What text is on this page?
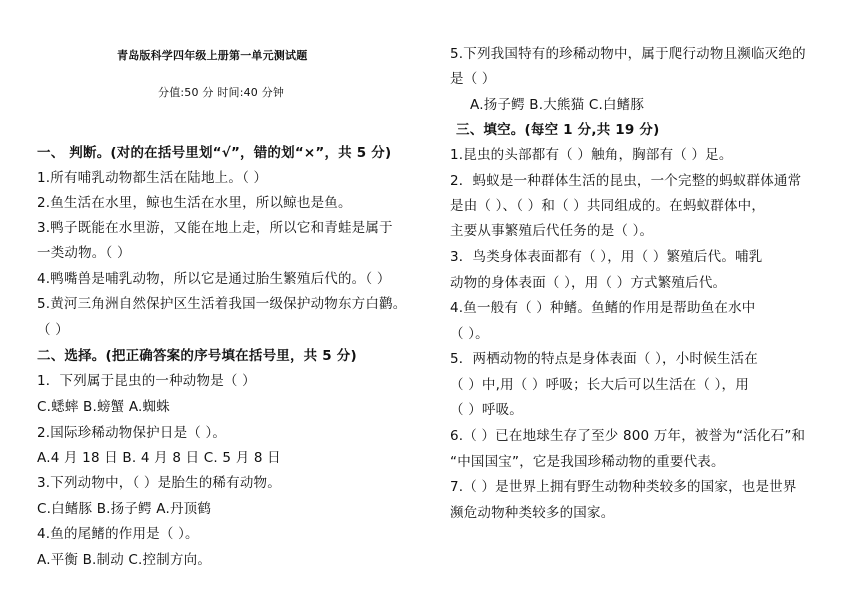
青岛版科学四年级上册第一单元测试题
分值:50 分 时间:40 分钟
一、 判断。(对的在括号里划“√”，错的划“×”，共 5 分)
1.所有哺乳动物都生活在陆地上。（ ）
2.鱼生活在水里，鲸也生活在水里，所以鲸也是鱼。
3.鸭子既能在水里游，又能在地上走，所以它和青蛙是属于
一类动物。（ ）
4.鸭嘴兽是哺乳动物，所以它是通过胎生繁殖后代的。（ ）
5.黄河三角洲自然保护区生活着我国一级保护动物东方白鹳。
（ ）
二、选择。(把正确答案的序号填在括号里，共 5 分)
1．下列属于昆虫的一种动物是（ ）
C.蟋蟀 B.螃蟹 A.蜘蛛
2.国际珍稀动物保护日是（ ）。
A.4 月 18 日 B. 4 月 8 日 C. 5 月 8 日
3.下列动物中，（ ）是胎生的稀有动物。
C.白鳍豚 B.扬子鳄 A.丹顶鹤
4.鱼的尾鳍的作用是（ ）。
A.平衡 B.制动 C.控制方向。
5.下列我国特有的珍稀动物中，属于爬行动物且濒临灭绝的
是（ ）
A.扬子鳄 B.大熊猫 C.白鳍豚
三、填空。(每空 1 分,共 19 分)
1.昆虫的头部都有（ ）触角，胸部有（ ）足。
2．蚂蚁是一种群体生活的昆虫，一个完整的蚂蚁群体通常
是由（ ）、（ ）和（ ）共同组成的。在蚂蚁群体中，
主要从事繁殖后代任务的是（ ）。
3．鸟类身体表面都有（ ），用（ ）繁殖后代。哺乳
动物的身体表面（ ），用（ ）方式繁殖后代。
4.鱼一般有（ ）种鳍。鱼鳍的作用是帮助鱼在水中
（ ）。
5．两栖动物的特点是身体表面（ ），小时候生活在
（ ）中,用（ ）呼吸；长大后可以生活在（ ），用
（ ）呼吸。
6.（ ）已在地球生存了至少 800 万年，被誉为“活化石”和
“中国国宝”，它是我国珍稀动物的重要代表。
7.（ ）是世界上拥有野生动物种类较多的国家，也是世界
濒危动物种类较多的国家。
